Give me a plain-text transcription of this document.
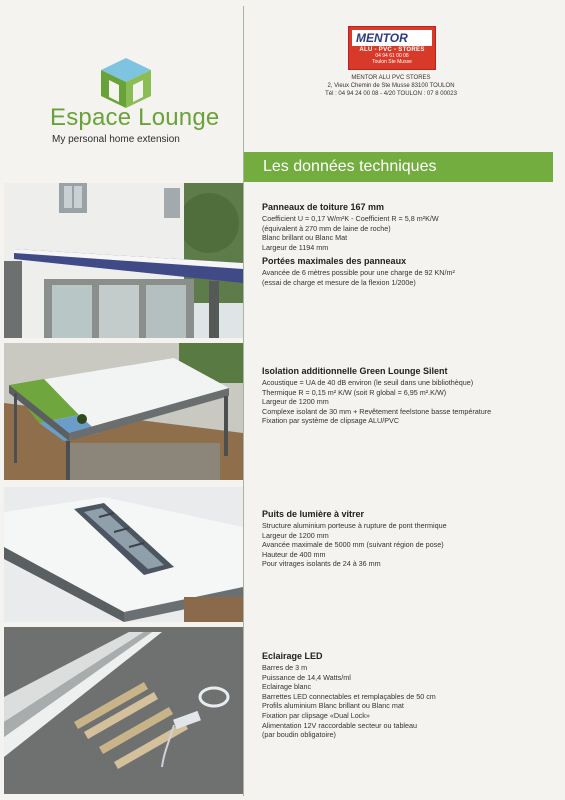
Espace Lounge
My personal home extension
MENTOR
ALU - PVC - STORES
04 94 61 00 08
Toulon Ste Musse
MENTOR ALU PVC STORES
2, Vieux Chemin de Ste Musse 83100 TOULON
Tél : 04 94 24 00 08 - 4/20 TOULON : 07 8 00023
Les données techniques
Panneaux de toiture 167 mm
Coefficient U = 0,17 W/m²K - Coefficient R = 5,8 m²K/W
(équivalent à 270 mm de laine de roche)
Blanc brillant ou Blanc Mat
Largeur de 1194 mm
Portées maximales des panneaux
Avancée de 6 mètres possible pour une charge de 92 KN/m²
(essai de charge et mesure de la flexion 1/200e)
Isolation additionnelle Green Lounge Silent
Acoustique = UA de 40 dB environ (le seuil dans une bibliothèque)
Thermique R = 0,15 m² K/W (soit R global = 6,95 m².K/W)
Largeur de 1200 mm
Complexe isolant de 30 mm + Revêtement feelstone basse température
Fixation par système de clipsage ALU/PVC
Puits de lumière à vitrer
Structure aluminium porteuse à rupture de pont thermique
Largeur de 1200 mm
Avancée maximale de 5000 mm (suivant région de pose)
Hauteur de 400 mm
Pour vitrages isolants de 24 à 36 mm
Eclairage LED
Barres de 3 m
Puissance de 14,4 Watts/ml
Eclairage blanc
Barrettes LED connectables et remplaçables de 50 cm
Profils aluminium Blanc brillant ou Blanc mat
Fixation par clipsage «Dual Lock»
Alimentation 12V raccordable secteur ou tableau
(par boudin obligatoire)
